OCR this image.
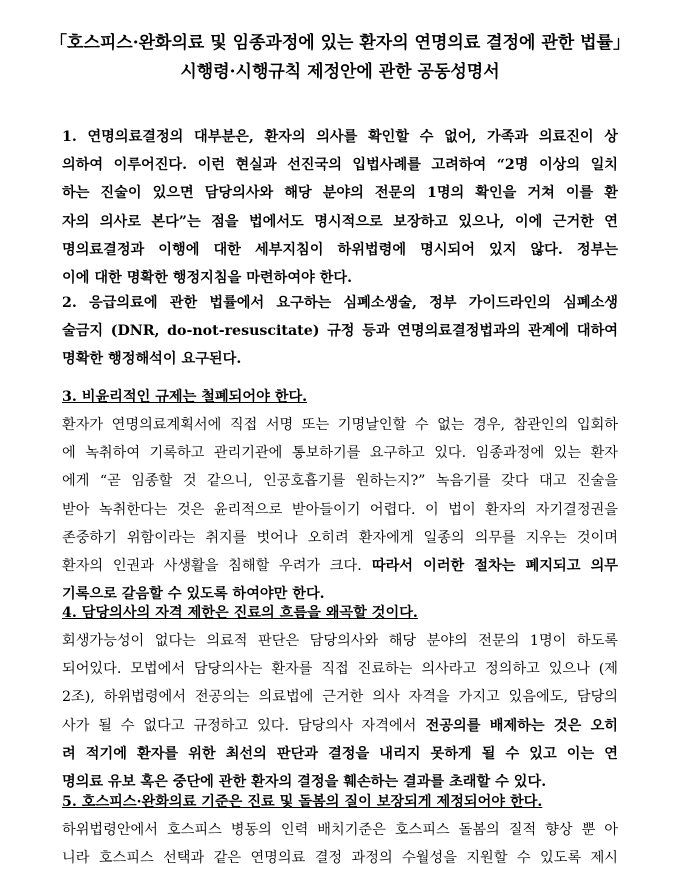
「호스피스·완화의료 및 임종과정에 있는 환자의 연명의료 결정에 관한 법률」
시행령·시행규칙 제정안에 관한 공동성명서
1. 연명의료결정의 대부분은, 환자의 의사를 확인할 수 없어, 가족과 의료진이 상
의하여 이루어진다. 이런 현실과 선진국의 입법사례를 고려하여 “2명 이상의 일치
하는 진술이 있으면 담당의사와 해당 분야의 전문의 1명의 확인을 거쳐 이를 환
자의 의사로 본다”는 점을 법에서도 명시적으로 보장하고 있으나, 이에 근거한 연
명의료결정과 이행에 대한 세부지침이 하위법령에 명시되어 있지 않다. 정부는
이에 대한 명확한 행정지침을 마련하여야 한다.
2. 응급의료에 관한 법률에서 요구하는 심폐소생술, 정부 가이드라인의 심폐소생
술금지 (DNR, do-not-resuscitate) 규정 등과 연명의료결정법과의 관계에 대하여
명확한 행정해석이 요구된다.
3. 비윤리적인 규제는 철폐되어야 한다.
환자가 연명의료계획서에 직접 서명 또는 기명날인할 수 없는 경우, 참관인의 입회하
에 녹취하여 기록하고 관리기관에 통보하기를 요구하고 있다. 임종과정에 있는 환자
에게 “곧 임종할 것 같으니, 인공호흡기를 원하는지?” 녹음기를 갖다 대고 진술을
받아 녹취한다는 것은 윤리적으로 받아들이기 어렵다. 이 법이 환자의 자기결정권을
존중하기 위함이라는 취지를 벗어나 오히려 환자에게 일종의 의무를 지우는 것이며
환자의 인권과 사생활을 침해할 우려가 크다. 따라서 이러한 절차는 폐지되고 의무
기록으로 갈음할 수 있도록 하여야만 한다.
4. 담당의사의 자격 제한은 진료의 흐름을 왜곡할 것이다.
회생가능성이 없다는 의료적 판단은 담당의사와 해당 분야의 전문의 1명이 하도록
되어있다. 모법에서 담당의사는 환자를 직접 진료하는 의사라고 정의하고 있으나 (제
2조), 하위법령에서 전공의는 의료법에 근거한 의사 자격을 가지고 있음에도, 담당의
사가 될 수 없다고 규정하고 있다. 담당의사 자격에서 전공의를 배제하는 것은 오히
려 적기에 환자를 위한 최선의 판단과 결정을 내리지 못하게 될 수 있고 이는 연
명의료 유보 혹은 중단에 관한 환자의 결정을 훼손하는 결과를 초래할 수 있다.
5. 호스피스·완화의료 기준은 진료 및 돌봄의 질이 보장되게 제정되어야 한다.
하위법령안에서 호스피스 병동의 인력 배치기준은 호스피스 돌봄의 질적 향상 뿐 아
니라 호스피스 선택과 같은 연명의료 결정 과정의 수월성을 지원할 수 있도록 제시
